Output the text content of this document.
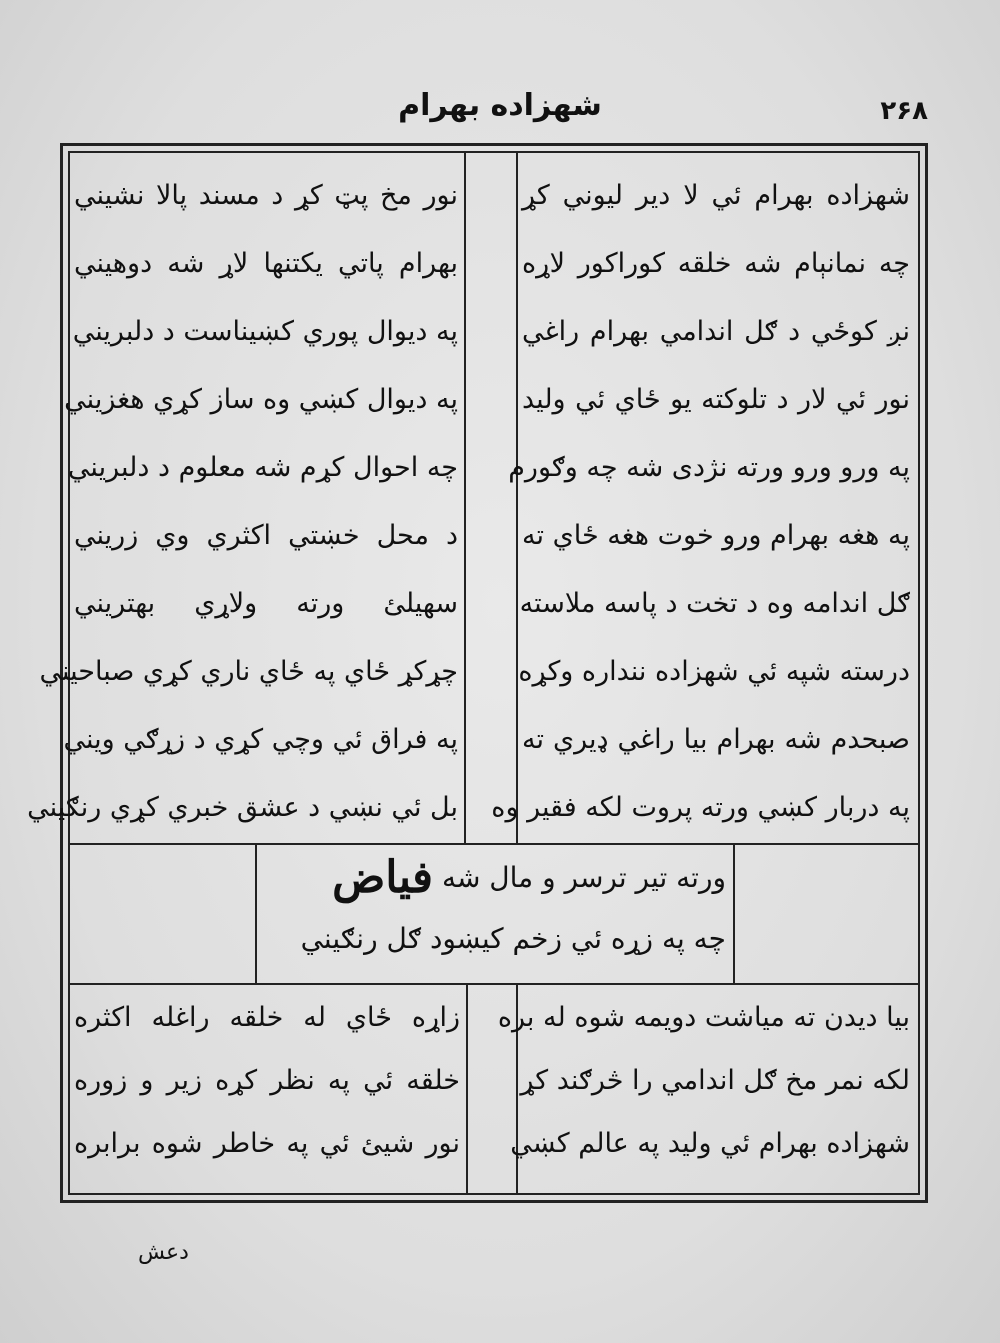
شهزاده بهرام	۲۶۸
شهزاده بهرام ئي لا دير ليوني كړ
چه نمانېام شه خلقه كوراكور لاړه
نږ كوځي د ګل اندامي بهرام راغي
نور ئي لار د تلوكته يو ځاي ئي وليد
په ورو ورو ورته نژدى شه چه وګورم
په هغه بهرام ورو خوت هغه ځاي ته
ګل اندامه وه د تخت د پاسه ملاسته
درسته شپه ئي شهزاده ننداره وكړه
صبحدم شه بهرام بيا راغي ډيري ته
په دربار كښي ورته پروت لكه فقير وه
نور مخ پټ كړ د مسند پالا نشيني
بهرام پاتي يكتنها لاړ شه دوهيني
په ديوال پوري كښيناست د دلبريني
په ديوال كښي وه ساز كړي هغزيني
چه احوال كړم شه معلوم د دلبريني
د محل خښتي اكثري وي زريني
سهيلئ ورته ولاړي بهتريني
چړكړ ځاي په ځاي ناري كړي صباحيني
په فراق ئي وچي كړي د زړګي ويني
بل ئي نښي د عشق خبري كړي رنګيني
ورته تير ترسر و مال شه فياض
چه په زړه ئي زخم كيښود ګل رنګيني
بيا ديدن ته مياشت دويمه شوه له بره
لكه نمر مخ ګل اندامي را څرګند كړ
شهزاده بهرام ئي وليد په عالم كښي
زاړه ځاي له خلقه راغله اكثره
خلقه ئي په نظر كړه زير و زوره
نور شيئ ئي په خاطر شوه برابره
دعش
